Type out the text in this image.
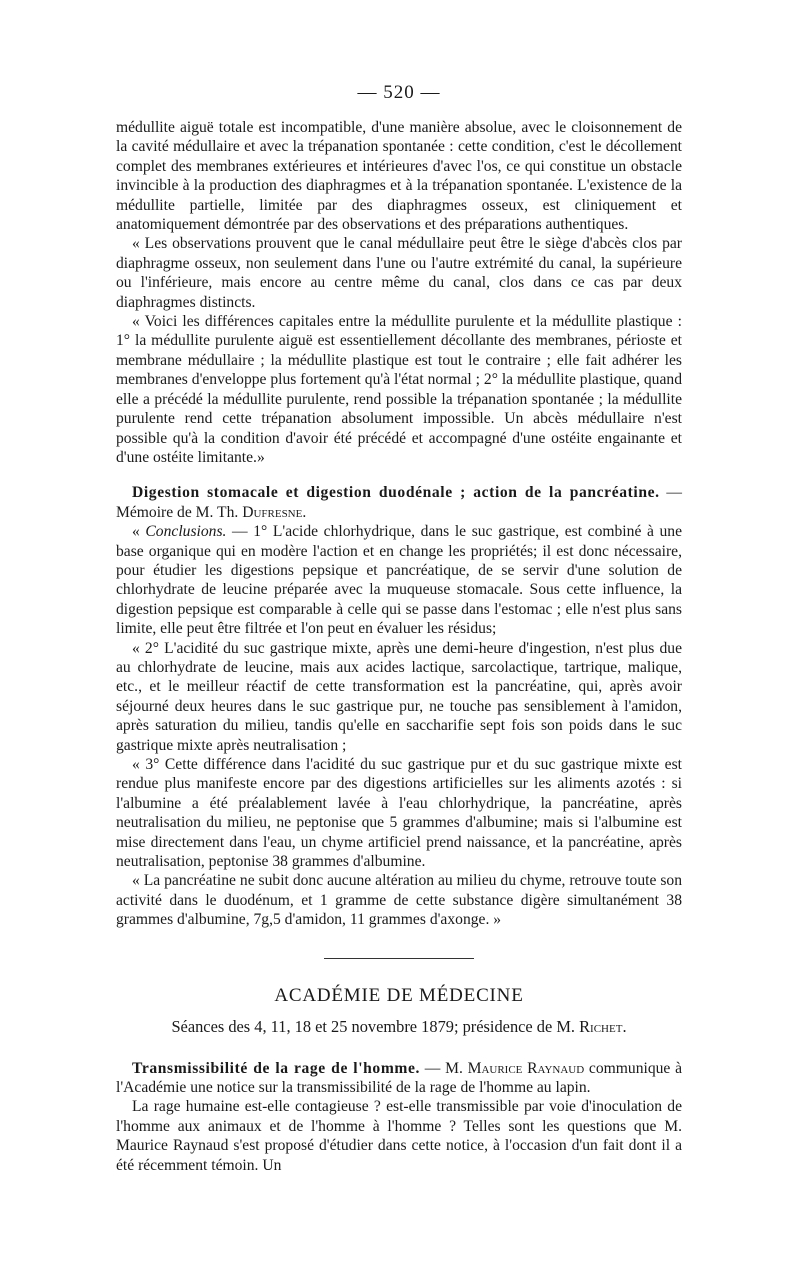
— 520 —

médullite aiguë totale est incompatible, d'une manière absolue, avec le cloisonnement de la cavité médullaire et avec la trépanation spontanée : cette condition, c'est le décollement complet des membranes extérieures et intérieures d'avec l'os, ce qui constitue un obstacle invincible à la production des diaphragmes et à la trépanation spontanée. L'existence de la médullite partielle, limitée par des diaphragmes osseux, est cliniquement et anatomiquement démontrée par des observations et des préparations authentiques.

« Les observations prouvent que le canal médullaire peut être le siège d'abcès clos par diaphragme osseux, non seulement dans l'une ou l'autre extrémité du canal, la supérieure ou l'inférieure, mais encore au centre même du canal, clos dans ce cas par deux diaphragmes distincts.

« Voici les différences capitales entre la médullite purulente et la médullite plastique : 1° la médullite purulente aiguë est essentiellement décollante des membranes, périoste et membrane médullaire ; la médullite plastique est tout le contraire ; elle fait adhérer les membranes d'enveloppe plus fortement qu'à l'état normal ; 2° la médullite plastique, quand elle a précédé la médullite purulente, rend possible la trépanation spontanée ; la médullite purulente rend cette trépanation absolument impossible. Un abcès médullaire n'est possible qu'à la condition d'avoir été précédé et accompagné d'une ostéite engainante et d'une ostéite limitante.»

Digestion stomacale et digestion duodénale ; action de la pancréatine. — Mémoire de M. Th. Dufresne.

« Conclusions. — 1° L'acide chlorhydrique, dans le suc gastrique, est combiné à une base organique qui en modère l'action et en change les propriétés; il est donc nécessaire, pour étudier les digestions pepsique et pancréatique, de se servir d'une solution de chlorhydrate de leucine préparée avec la muqueuse stomacale. Sous cette influence, la digestion pepsique est comparable à celle qui se passe dans l'estomac ; elle n'est plus sans limite, elle peut être filtrée et l'on peut en évaluer les résidus;

« 2° L'acidité du suc gastrique mixte, après une demi-heure d'ingestion, n'est plus due au chlorhydrate de leucine, mais aux acides lactique, sarcolactique, tartrique, malique, etc., et le meilleur réactif de cette transformation est la pancréatine, qui, après avoir séjourné deux heures dans le suc gastrique pur, ne touche pas sensiblement à l'amidon, après saturation du milieu, tandis qu'elle en saccharifie sept fois son poids dans le suc gastrique mixte après neutralisation ;

« 3° Cette différence dans l'acidité du suc gastrique pur et du suc gastrique mixte est rendue plus manifeste encore par des digestions artificielles sur les aliments azotés : si l'albumine a été préalablement lavée à l'eau chlorhydrique, la pancréatine, après neutralisation du milieu, ne peptonise que 5 grammes d'albumine; mais si l'albumine est mise directement dans l'eau, un chyme artificiel prend naissance, et la pancréatine, après neutralisation, peptonise 38 grammes d'albumine.

« La pancréatine ne subit donc aucune altération au milieu du chyme, retrouve toute son activité dans le duodénum, et 1 gramme de cette substance digère simultanément 38 grammes d'albumine, 7g,5 d'amidon, 11 grammes d'axonge. »

ACADÉMIE DE MÉDECINE
Séances des 4, 11, 18 et 25 novembre 1879; présidence de M. Richet.

Transmissibilité de la rage de l'homme. — M. Maurice Raynaud communique à l'Académie une notice sur la transmissibilité de la rage de l'homme au lapin.

La rage humaine est-elle contagieuse ? est-elle transmissible par voie d'inoculation de l'homme aux animaux et de l'homme à l'homme ? Telles sont les questions que M. Maurice Raynaud s'est proposé d'étudier dans cette notice, à l'occasion d'un fait dont il a été récemment témoin. Un
